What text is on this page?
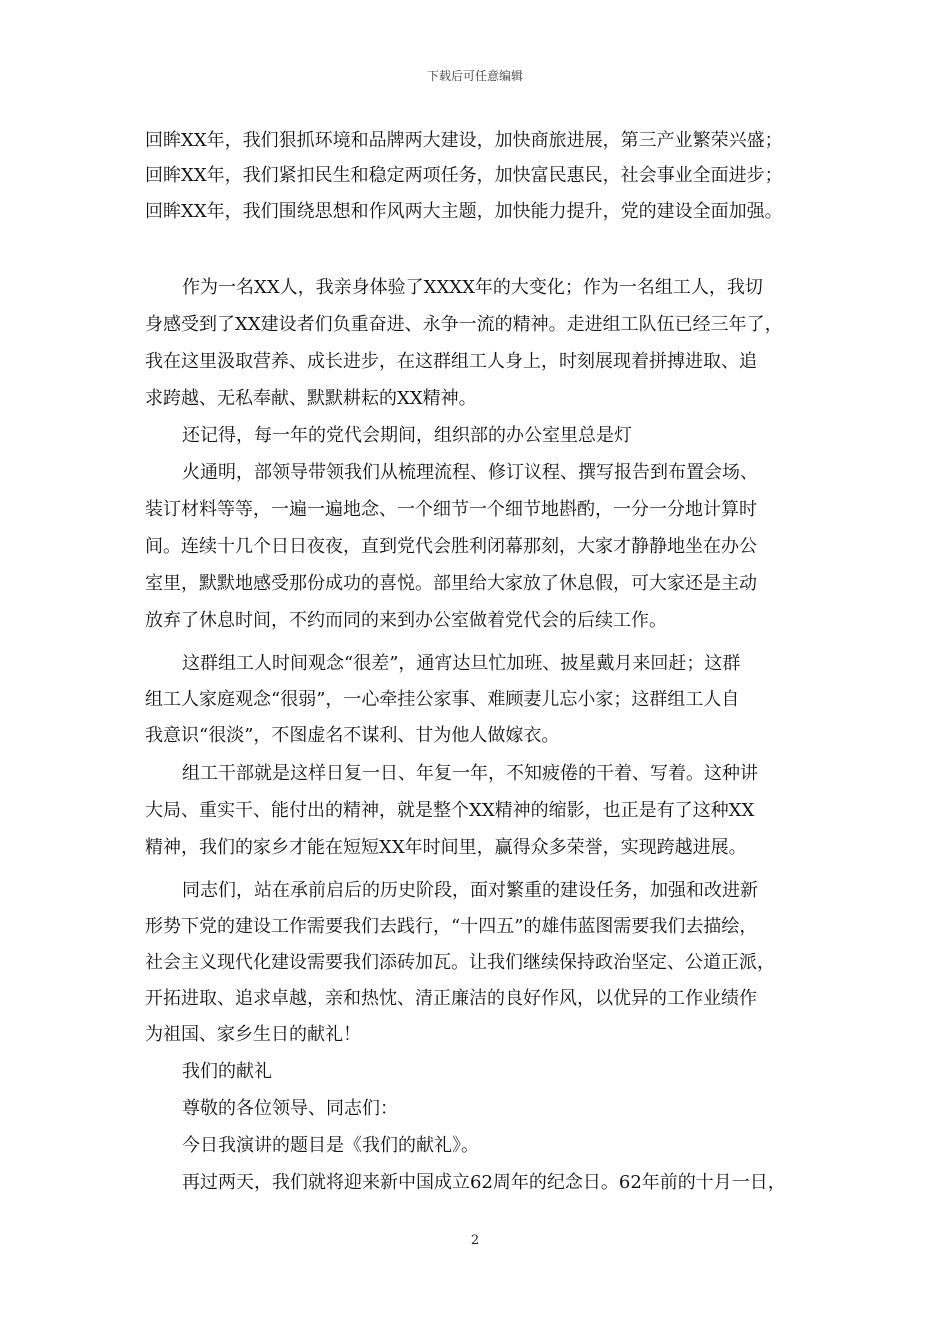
下载后可任意编辑
回眸XX年，我们狠抓环境和品牌两大建设，加快商旅进展，第三产业繁荣兴盛；
回眸XX年，我们紧扣民生和稳定两项任务，加快富民惠民，社会事业全面进步；
回眸XX年，我们围绕思想和作风两大主题，加快能力提升，党的建设全面加强。
作为一名XX人，我亲身体验了XXXX年的大变化；作为一名组工人，我切
身感受到了XX建设者们负重奋进、永争一流的精神。走进组工队伍已经三年了，
我在这里汲取营养、成长进步，在这群组工人身上，时刻展现着拼搏进取、追
求跨越、无私奉献、默默耕耘的XX精神。
还记得，每一年的党代会期间，组织部的办公室里总是灯
火通明，部领导带领我们从梳理流程、修订议程、撰写报告到布置会场、
装订材料等等，一遍一遍地念、一个细节一个细节地斟酌，一分一分地计算时
间。连续十几个日日夜夜，直到党代会胜利闭幕那刻，大家才静静地坐在办公
室里，默默地感受那份成功的喜悦。部里给大家放了休息假，可大家还是主动
放弃了休息时间，不约而同的来到办公室做着党代会的后续工作。
这群组工人时间观念“很差”，通宵达旦忙加班、披星戴月来回赶；这群
组工人家庭观念“很弱”，一心牵挂公家事、难顾妻儿忘小家；这群组工人自
我意识“很淡”，不图虚名不谋利、甘为他人做嫁衣。
组工干部就是这样日复一日、年复一年，不知疲倦的干着、写着。这种讲
大局、重实干、能付出的精神，就是整个XX精神的缩影，也正是有了这种XX
精神，我们的家乡才能在短短XX年时间里，赢得众多荣誉，实现跨越进展。
同志们，站在承前启后的历史阶段，面对繁重的建设任务，加强和改进新
形势下党的建设工作需要我们去践行，“十四五”的雄伟蓝图需要我们去描绘，
社会主义现代化建设需要我们添砖加瓦。让我们继续保持政治坚定、公道正派，
开拓进取、追求卓越，亲和热忱、清正廉洁的良好作风，以优异的工作业绩作
为祖国、家乡生日的献礼！
我们的献礼
尊敬的各位领导、同志们：
今日我演讲的题目是《我们的献礼》。
再过两天，我们就将迎来新中国成立62周年的纪念日。62年前的十月一日，
2
